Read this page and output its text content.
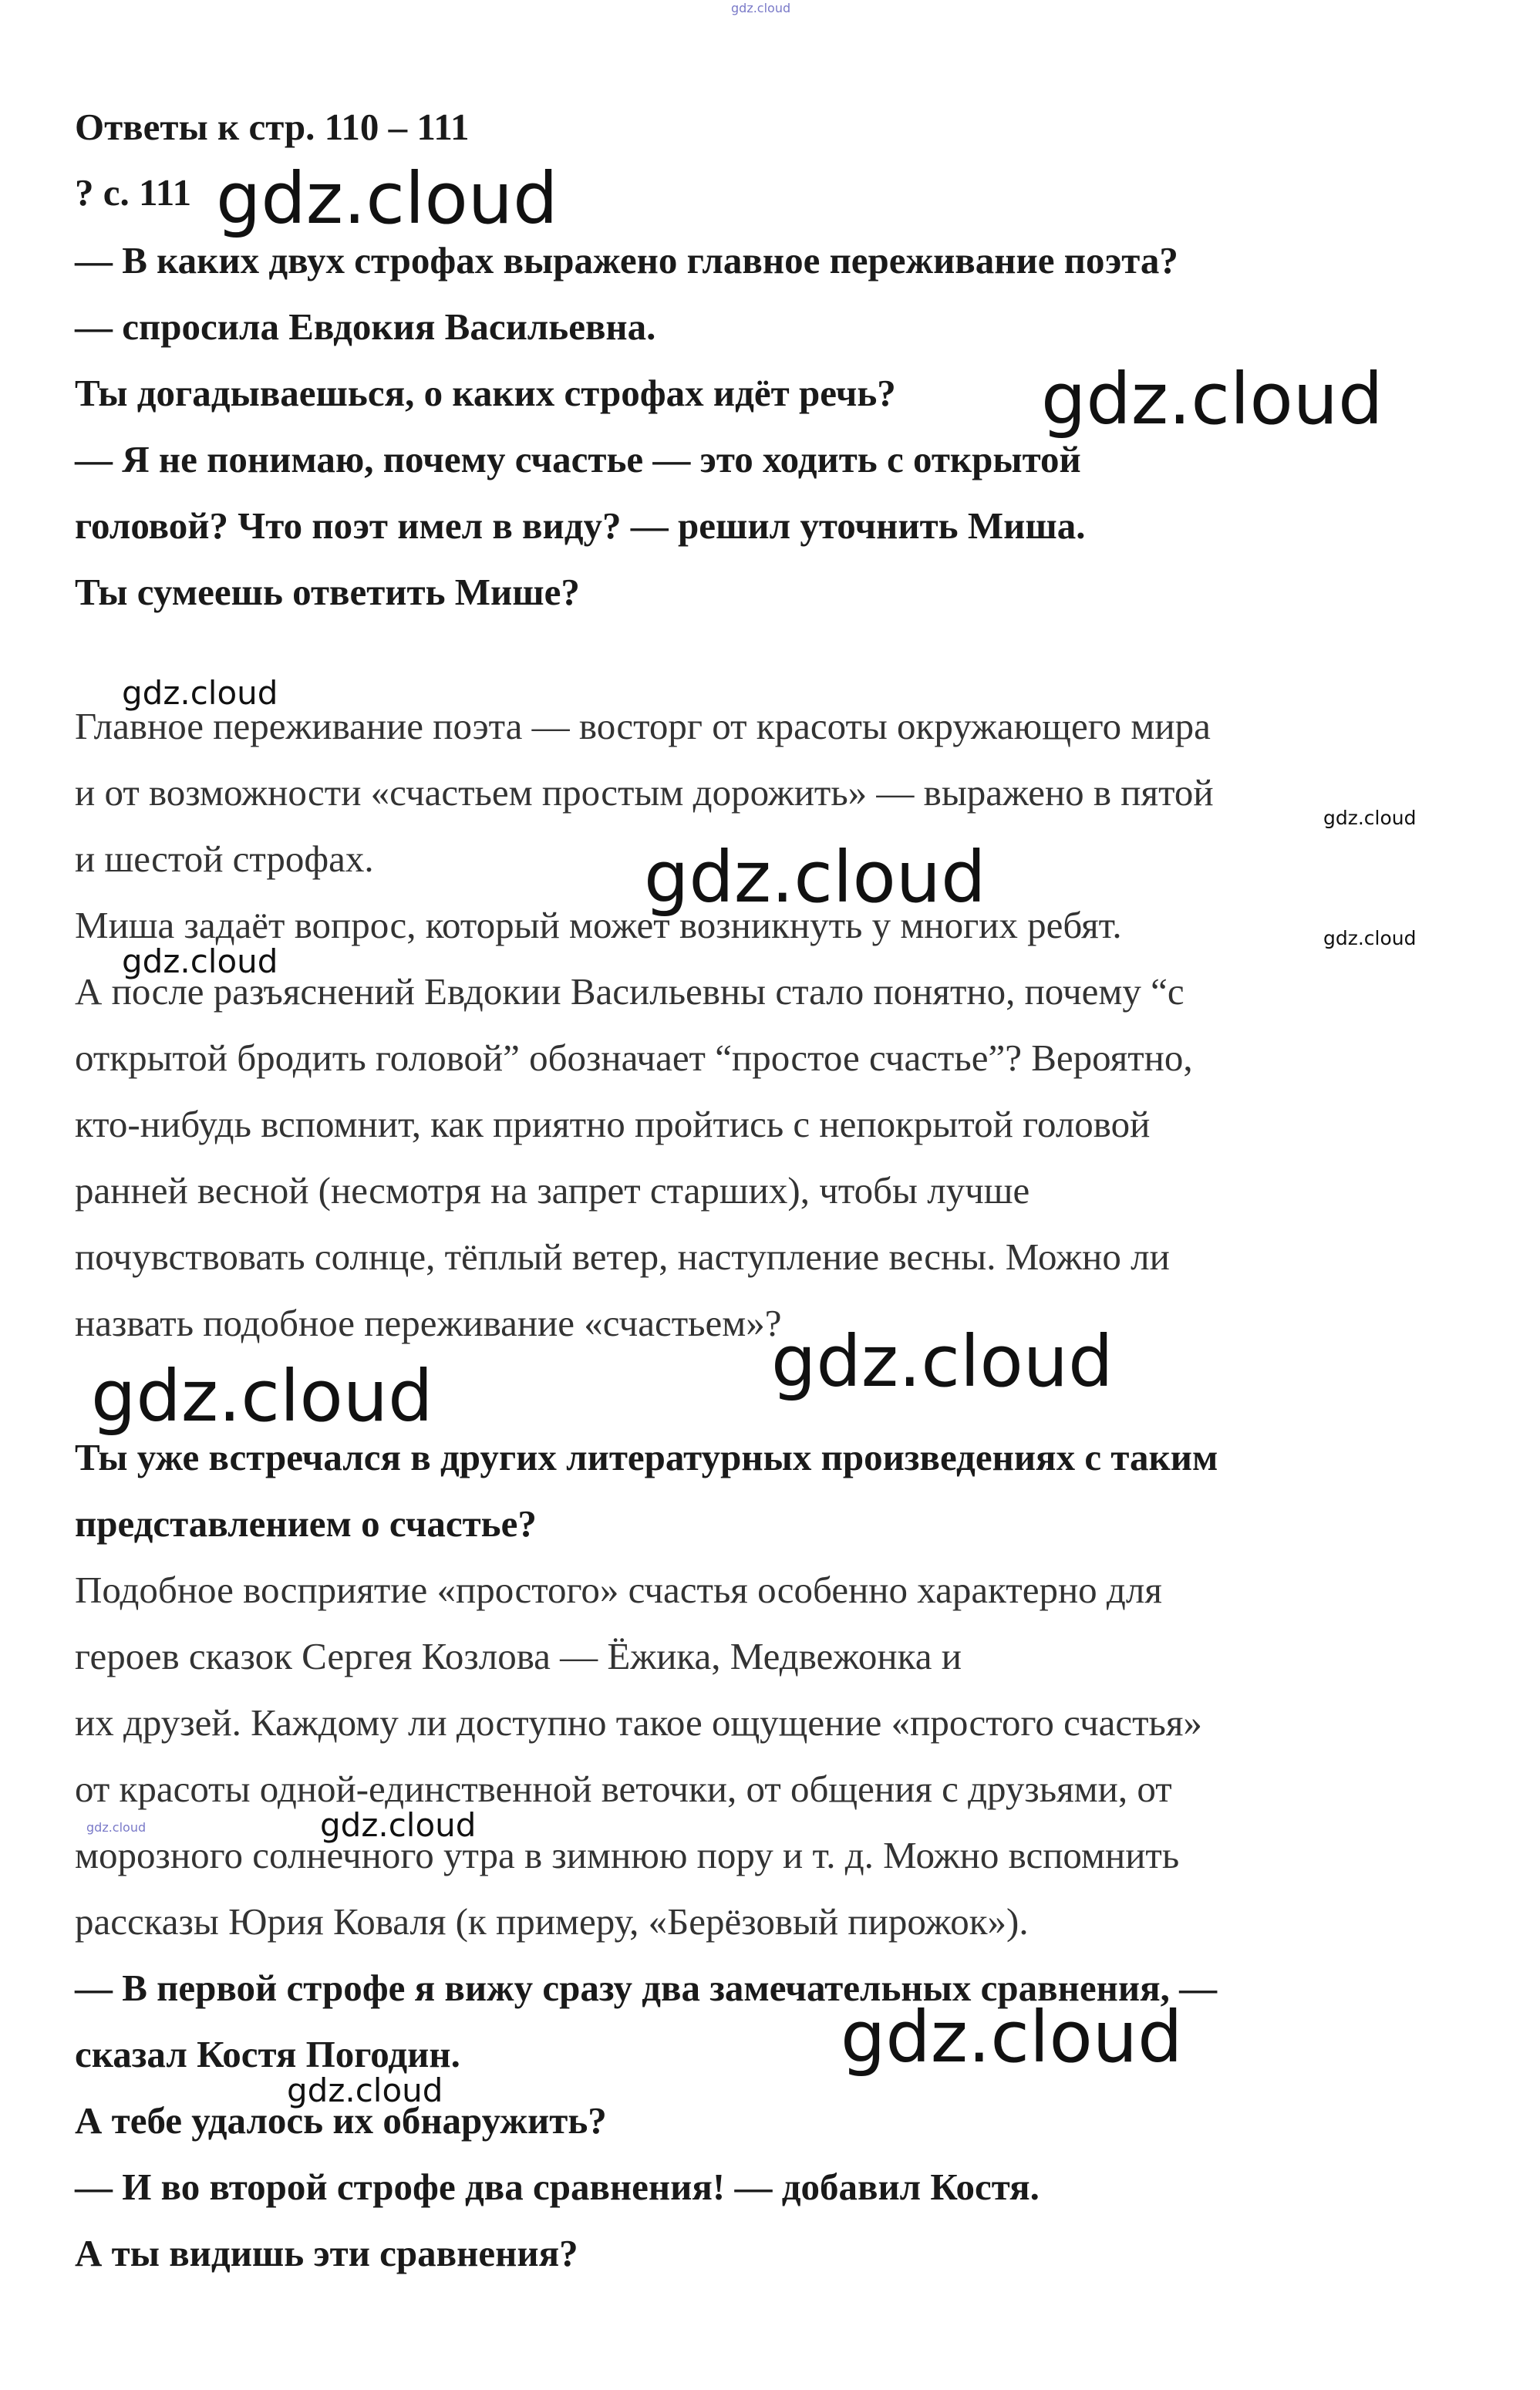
Ответы к стр. 110 – 111
? с. 111
— В каких двух строфах выражено главное переживание поэта?
— спросила Евдокия Васильевна.
Ты догадываешься, о каких строфах идёт речь?
— Я не понимаю, почему счастье — это ходить с открытой
головой? Что поэт имел в виду? — решил уточнить Миша.
Ты сумеешь ответить Мише?
Главное переживание поэта — восторг от красоты окружающего мира
и от возможности «счастьем простым дорожить» — выражено в пятой
и шестой строфах.
Миша задаёт вопрос, который может возникнуть у многих ребят.
А после разъяснений Евдокии Васильевны стало понятно, почему “с
открытой бродить головой” обозначает “простое счастье”? Вероятно,
кто-нибудь вспомнит, как приятно пройтись с непокрытой головой
ранней весной (несмотря на запрет старших), чтобы лучше
почувствовать солнце, тёплый ветер, наступление весны. Можно ли
назвать подобное переживание «счастьем»?
Ты уже встречался в других литературных произведениях с таким
представлением о счастье?
Подобное восприятие «простого» счастья особенно характерно для
героев сказок Сергея Козлова — Ёжика, Медвежонка и
их друзей. Каждому ли доступно такое ощущение «простого счастья»
от красоты одной-единственной веточки, от общения с друзьями, от
морозного солнечного утра в зимнюю пору и т. д. Можно вспомнить
рассказы Юрия Коваля (к примеру, «Берёзовый пирожок»).
— В первой строфе я вижу сразу два замечательных сравнения, —
сказал Костя Погодин.
А тебе удалось их обнаружить?
— И во второй строфе два сравнения! — добавил Костя.
А ты видишь эти сравнения?
gdz.cloud
gdz.cloud
gdz.cloud
gdz.cloud
gdz.cloud
gdz.cloud
gdz.cloud
gdz.cloud
gdz.cloud
gdz.cloud
gdz.cloud	gdz.cloud
gdz.cloud
gdz.cloud
